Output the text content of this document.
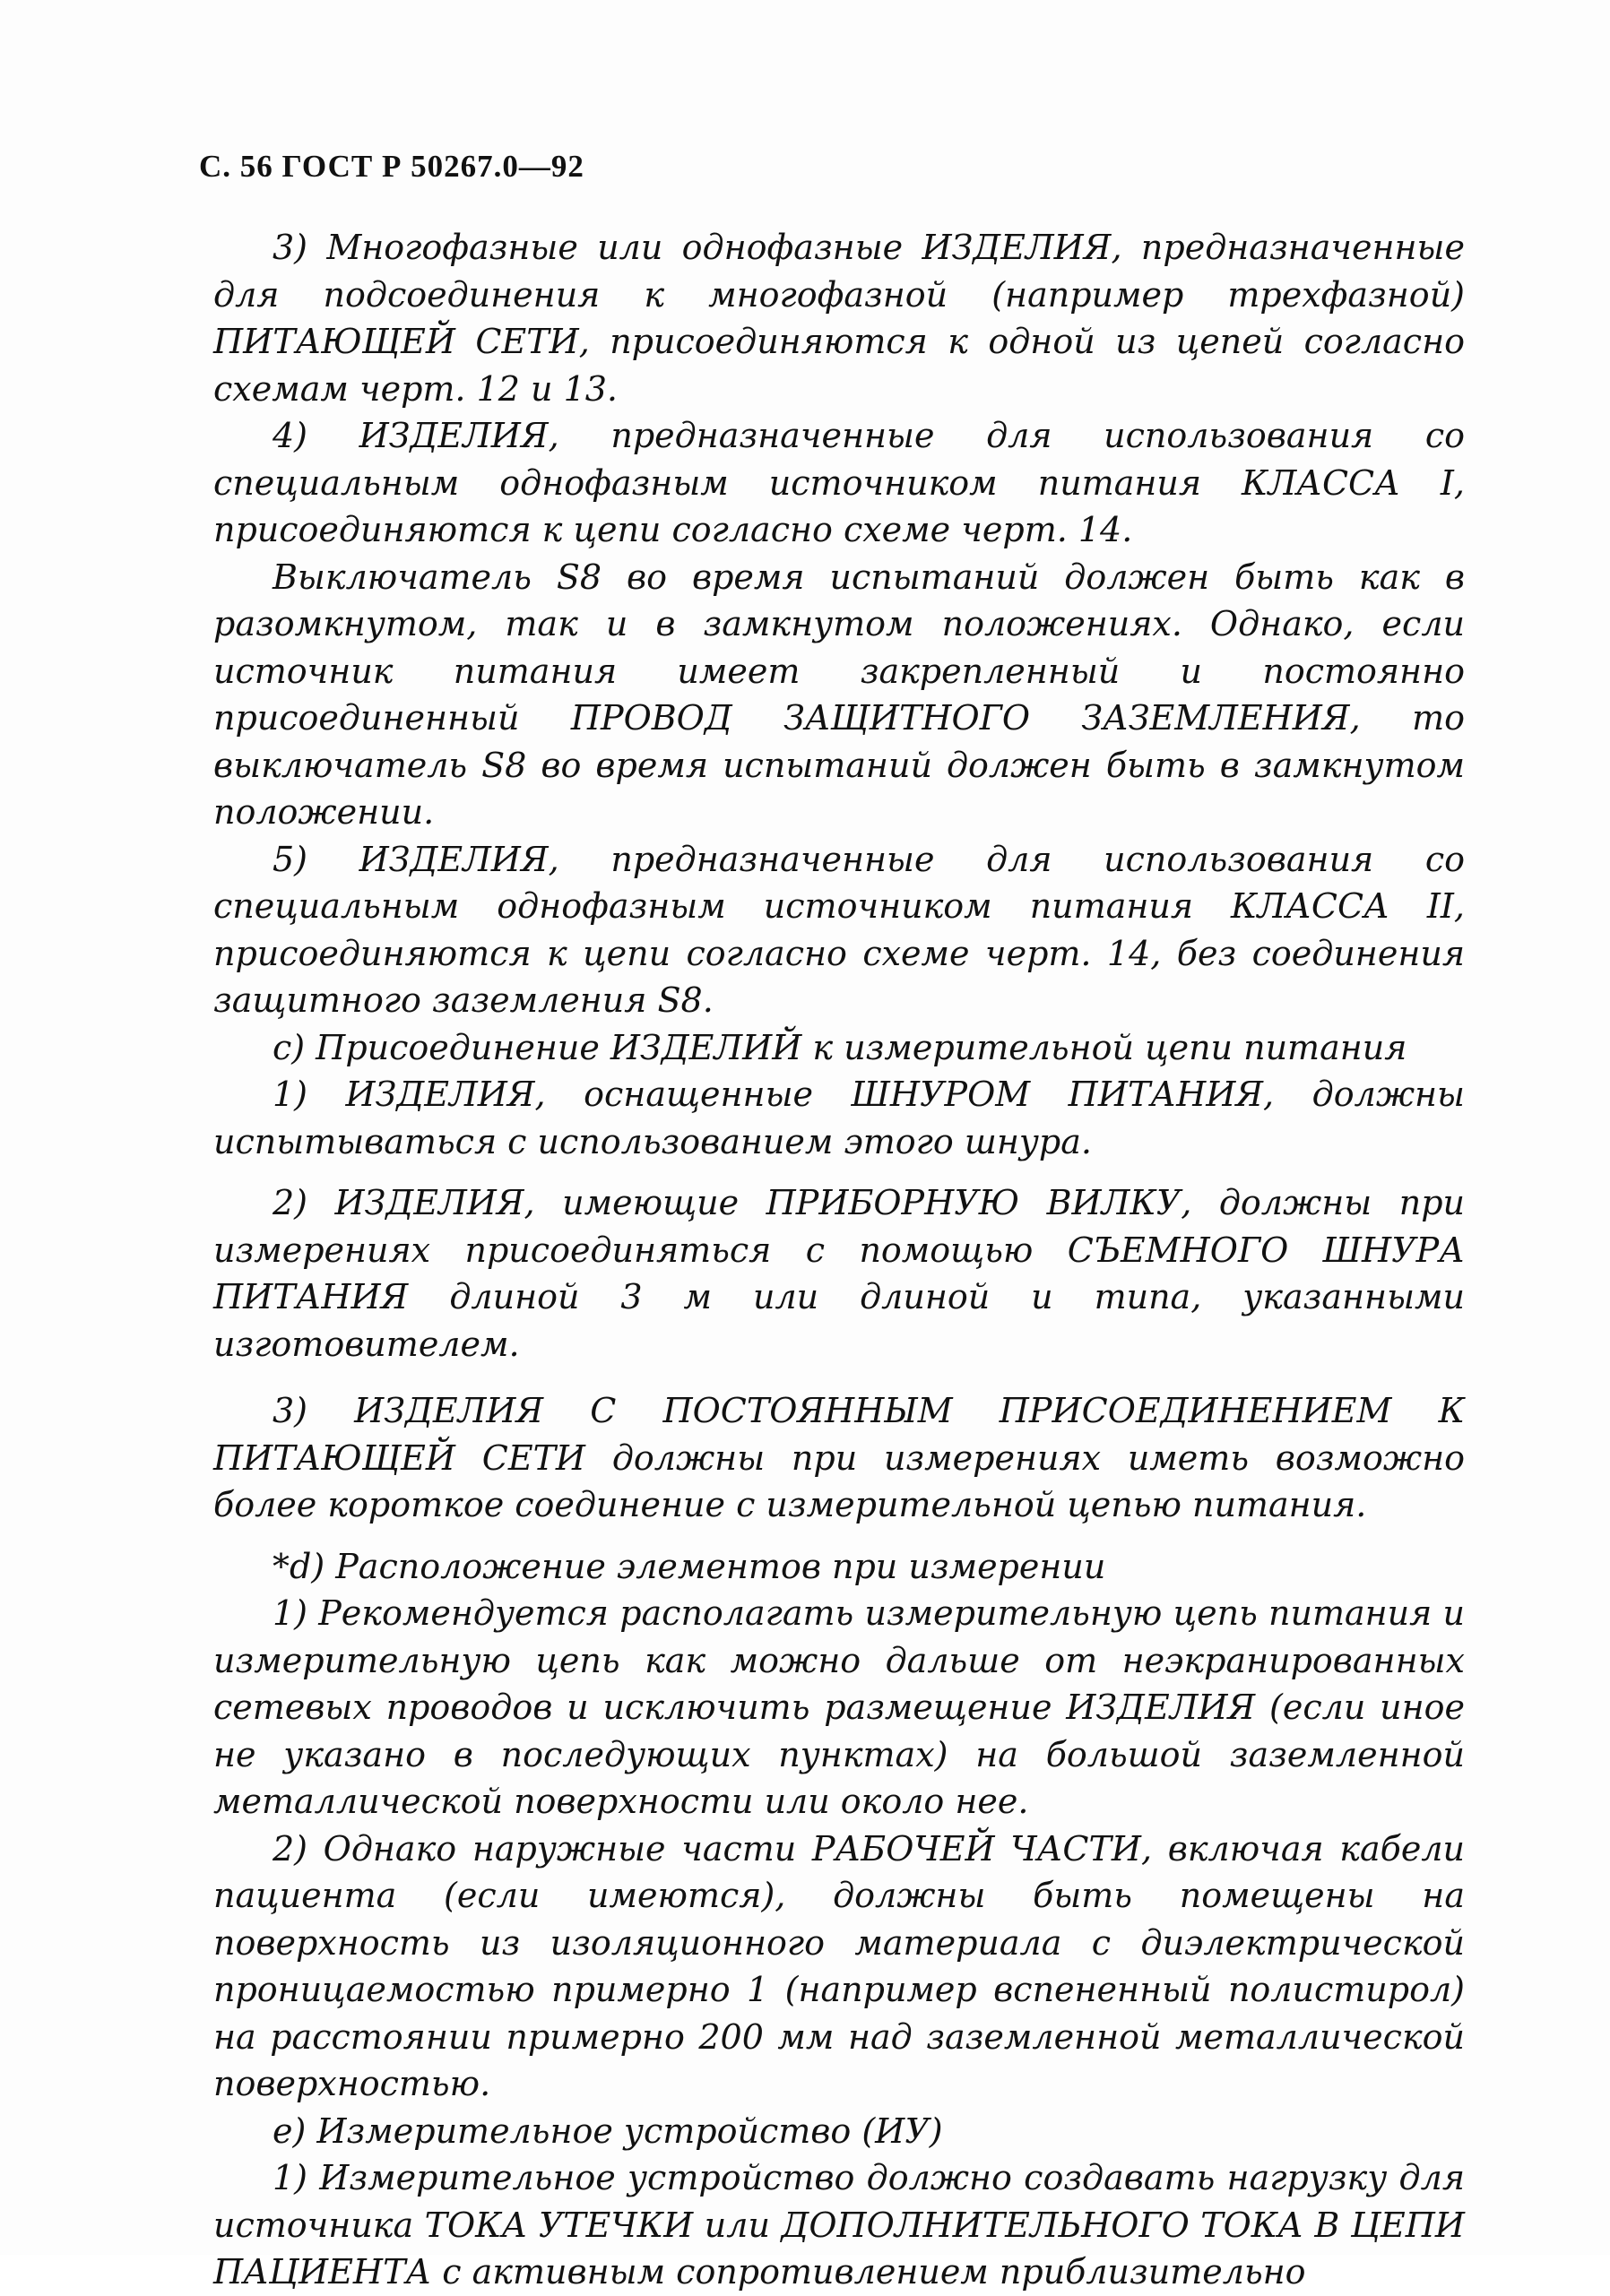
С. 56 ГОСТ Р 50267.0—92

3) Многофазные или однофазные ИЗДЕЛИЯ, предназначенные для подсоединения к многофазной (например трехфазной) ПИТАЮЩЕЙ СЕТИ, присоединяются к одной из цепей согласно схемам черт. 12 и 13.

4) ИЗДЕЛИЯ, предназначенные для использования со специальным однофазным источником питания КЛАССА I, присоединяются к цепи согласно схеме черт. 14.

Выключатель S8 во время испытаний должен быть как в разомкнутом, так и в замкнутом положениях. Однако, если источник питания имеет закрепленный и постоянно присоединенный ПРОВОД ЗАЩИТНОГО ЗАЗЕМЛЕНИЯ, то выключатель S8 во время испытаний должен быть в замкнутом положении.

5) ИЗДЕЛИЯ, предназначенные для использования со специальным однофазным источником питания КЛАССА II, присоединяются к цепи согласно схеме черт. 14, без соединения защитного заземления S8.

с) Присоединение ИЗДЕЛИЙ к измерительной цепи питания

1) ИЗДЕЛИЯ, оснащенные ШНУРОМ ПИТАНИЯ, должны испытываться с использованием этого шнура.

2) ИЗДЕЛИЯ, имеющие ПРИБОРНУЮ ВИЛКУ, должны при измерениях присоединяться с помощью СЪЕМНОГО ШНУРА ПИТАНИЯ длиной 3 м или длиной и типа, указанными изготовителем.

3) ИЗДЕЛИЯ С ПОСТОЯННЫМ ПРИСОЕДИНЕНИЕМ К ПИТАЮЩЕЙ СЕТИ должны при измерениях иметь возможно более короткое соединение с измерительной цепью питания.

*d) Расположение элементов при измерении

1) Рекомендуется располагать измерительную цепь питания и измерительную цепь как можно дальше от неэкранированных сетевых проводов и исключить размещение ИЗДЕЛИЯ (если иное не указано в последующих пунктах) на большой заземленной металлической поверхности или около нее.

2) Однако наружные части РАБОЧЕЙ ЧАСТИ, включая кабели пациента (если имеются), должны быть помещены на поверхность из изоляционного материала с диэлектрической проницаемостью примерно 1 (например вспененный полистирол) на расстоянии примерно 200 мм над заземленной металлической поверхностью.

е) Измерительное устройство (ИУ)

1) Измерительное устройство должно создавать нагрузку для источника ТОКА УТЕЧКИ или ДОПОЛНИТЕЛЬНОГО ТОКА В ЦЕПИ ПАЦИЕНТА с активным сопротивлением приблизительно
